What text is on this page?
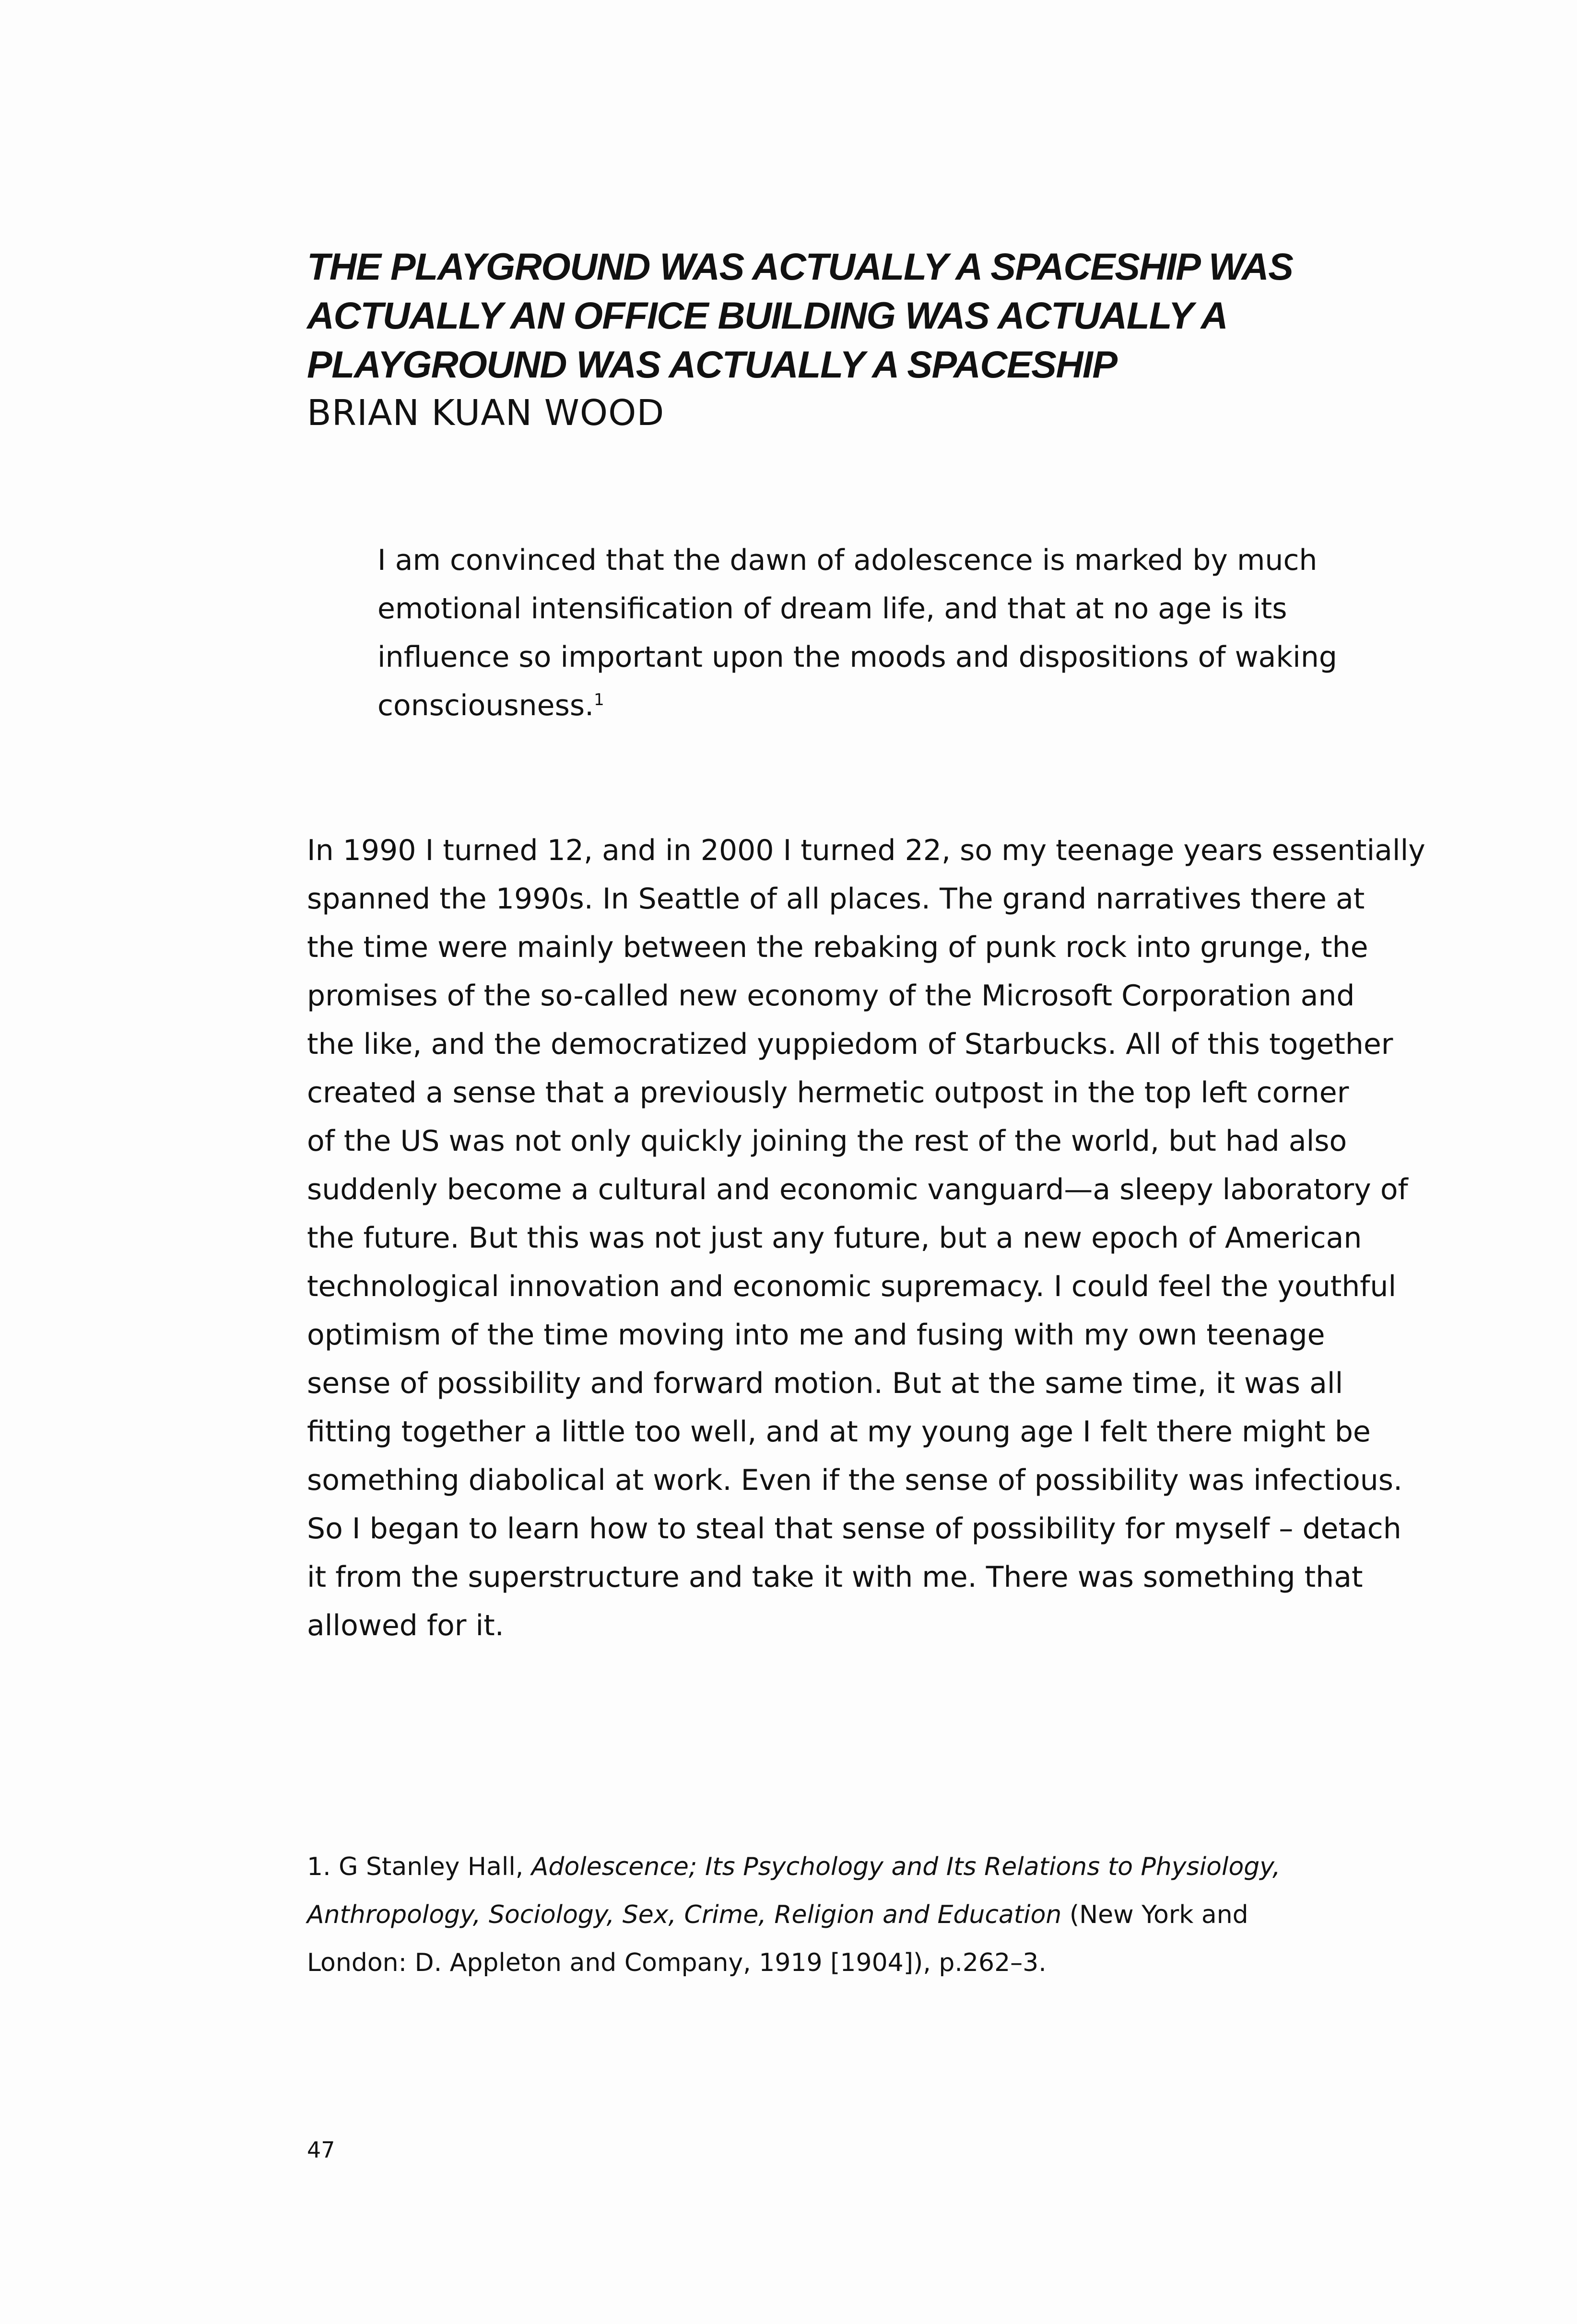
THE PLAYGROUND WAS ACTUALLY A SPACESHIP WAS
ACTUALLY AN OFFICE BUILDING WAS ACTUALLY A
PLAYGROUND WAS ACTUALLY A SPACESHIP
BRIAN KUAN WOOD
I am convinced that the dawn of adolescence is marked by much
emotional intensification of dream life, and that at no age is its
influence so important upon the moods and dispositions of waking
consciousness.$^1$
In 1990 I turned 12, and in 2000 I turned 22, so my teenage years essentially
spanned the 1990s. In Seattle of all places. The grand narratives there at
the time were mainly between the rebaking of punk rock into grunge, the
promises of the so-called new economy of the Microsoft Corporation and
the like, and the democratized yuppiedom of Starbucks. All of this together
created a sense that a previously hermetic outpost in the top left corner
of the US was not only quickly joining the rest of the world, but had also
suddenly become a cultural and economic vanguard—a sleepy laboratory of
the future. But this was not just any future, but a new epoch of American
technological innovation and economic supremacy. I could feel the youthful
optimism of the time moving into me and fusing with my own teenage
sense of possibility and forward motion. But at the same time, it was all
fitting together a little too well, and at my young age I felt there might be
something diabolical at work. Even if the sense of possibility was infectious.
So I began to learn how to steal that sense of possibility for myself – detach
it from the superstructure and take it with me. There was something that
allowed for it.
1. G Stanley Hall, Adolescence; Its Psychology and Its Relations to Physiology,
Anthropology, Sociology, Sex, Crime, Religion and Education (New York and
London: D. Appleton and Company, 1919 [1904]), p.262–3.
47
